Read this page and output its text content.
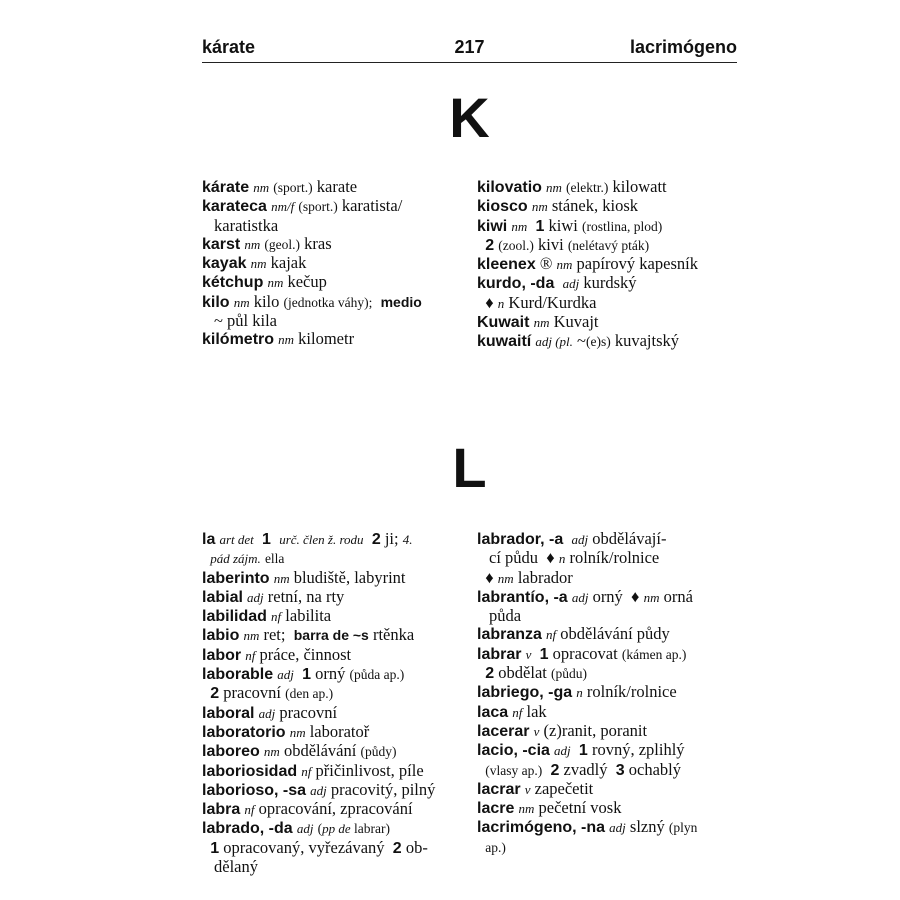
kárate	217	lacrimógeno
K
kárate nm (sport.) karate
karateca nm/f (sport.) karatista/
karatistka
karst nm (geol.) kras
kayak nm kajak
kétchup nm kečup
kilo nm kilo (jednotka váhy); medio
~ půl kila
kilómetro nm kilometr
kilovatio nm (elektr.) kilowatt
kiosco nm stánek, kiosk
kiwi nm 1 kiwi (rostlina, plod)
2 (zool.) kivi (nelétavý pták)
kleenex ® nm papírový kapesník
kurdo, -da adj kurdský
♦ n Kurd/Kurdka
Kuwait nm Kuvajt
kuwaití adj (pl. ~(e)s) kuvajtský
L
la art det 1 urč. člen ž. rodu 2 ji; 4.
pád zájm. ella
laberinto nm bludiště, labyrint
labial adj retní, na rty
labilidad nf labilita
labio nm ret;  barra de ~s rtěnka
labor nf práce, činnost
laborable adj 1 orný (půda ap.)
2 pracovní (den ap.)
laboral adj pracovní
laboratorio nm laboratoř
laboreo nm obdělávání (půdy)
laboriosidad nf přičinlivost, píle
laborioso, -sa adj pracovitý, pilný
labra nf opracování, zpracování
labrado, -da adj (pp de labrar)
1 opracovaný, vyřezávaný  2 ob-
dělaný
labrador, -a adj obdělávají-
cí půdu  ♦ n rolník/rolnice
♦ nm labrador
labrantío, -a adj orný  ♦ nm orná
půda
labranza nf obdělávání půdy
labrar v 1 opracovat (kámen ap.)
2 obdělat (půdu)
labriego, -ga n rolník/rolnice
laca nf lak
lacerar v (z)ranit, poranit
lacio, -cia adj 1 rovný, zplihlý
(vlasy ap.) 2 zvadlý  3 ochablý
lacrar v zapečetit
lacre nm pečetní vosk
lacrimógeno, -na adj slzný (plyn
ap.)
